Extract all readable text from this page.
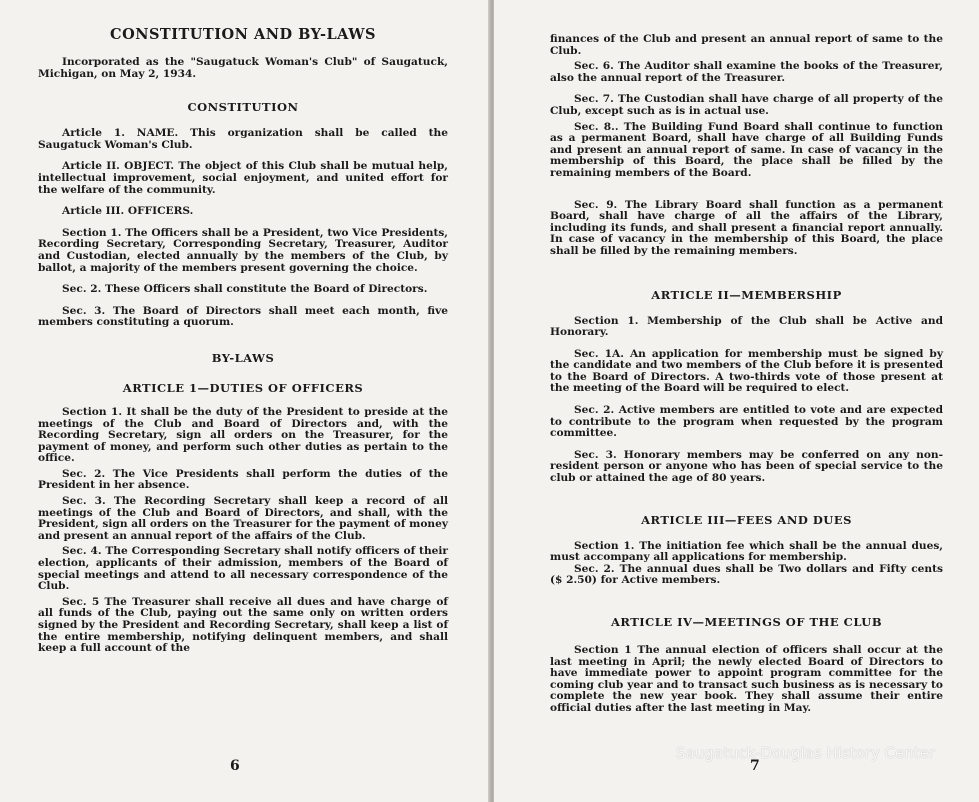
CONSTITUTION AND BY-LAWS

Incorporated as the "Saugatuck Woman's Club" of Saugatuck, Michigan, on May 2, 1934.

CONSTITUTION

Article 1. NAME. This organization shall be called the Saugatuck Woman's Club.

Article II. OBJECT. The object of this Club shall be mutual help, intellectual improvement, social enjoyment, and united effort for the welfare of the community.

Article III. OFFICERS.

Section 1. The Officers shall be a President, two Vice Presidents, Recording Secretary, Corresponding Secretary, Treasurer, Auditor and Custodian, elected annually by the members of the Club, by ballot, a majority of the members present governing the choice.

Sec. 2. These Officers shall constitute the Board of Directors.

Sec. 3. The Board of Directors shall meet each month, five members constituting a quorum.

BY-LAWS
ARTICLE 1—DUTIES OF OFFICERS

Section 1. It shall be the duty of the President to preside at the meetings of the Club and Board of Directors and, with the Recording Secretary, sign all orders on the Treasurer, for the payment of money, and perform such other duties as pertain to the office.

Sec. 2. The Vice Presidents shall perform the duties of the President in her absence.

Sec. 3. The Recording Secretary shall keep a record of all meetings of the Club and Board of Directors, and shall, with the President, sign all orders on the Treasurer for the payment of money and present an annual report of the affairs of the Club.

Sec. 4. The Corresponding Secretary shall notify officers of their election, applicants of their admission, members of the Board of special meetings and attend to all necessary correspondence of the Club.

Sec. 5 The Treasurer shall receive all dues and have charge of all funds of the Club, paying out the same only on written orders signed by the President and Recording Secretary, shall keep a list of the entire membership, notifying delinquent members, and shall keep a full account of the

6

finances of the Club and present an annual report of same to the Club.

Sec. 6. The Auditor shall examine the books of the Treasurer, also the annual report of the Treasurer.

Sec. 7. The Custodian shall have charge of all property of the Club, except such as is in actual use.

Sec. 8.. The Building Fund Board shall continue to function as a permanent Board, shall have charge of all Building Funds and present an annual report of same. In case of vacancy in the membership of this Board, the place shall be filled by the remaining members of the Board.

Sec. 9. The Library Board shall function as a permanent Board, shall have charge of all the affairs of the Library, including its funds, and shall present a financial report annually. In case of vacancy in the membership of this Board, the place shall be filled by the remaining members.

ARTICLE II—MEMBERSHIP

Section 1. Membership of the Club shall be Active and Honorary.

Sec. 1A. An application for membership must be signed by the candidate and two members of the Club before it is presented to the Board of Directors. A two-thirds vote of those present at the meeting of the Board will be required to elect.

Sec. 2. Active members are entitled to vote and are expected to contribute to the program when requested by the program committee.

Sec. 3. Honorary members may be conferred on any non-resident person or anyone who has been of special service to the club or attained the age of 80 years.

ARTICLE III—FEES AND DUES

Section 1. The initiation fee which shall be the annual dues, must accompany all applications for membership.

Sec. 2. The annual dues shall be Two dollars and Fifty cents ($ 2.50) for Active members.

ARTICLE IV—MEETINGS OF THE CLUB

Section 1 The annual election of officers shall occur at the last meeting in April; the newly elected Board of Directors to have immediate power to appoint program committee for the coming club year and to transact such business as is necessary to complete the new year book. They shall assume their entire official duties after the last meeting in May.

7
Saugatuck-Douglas History Center
